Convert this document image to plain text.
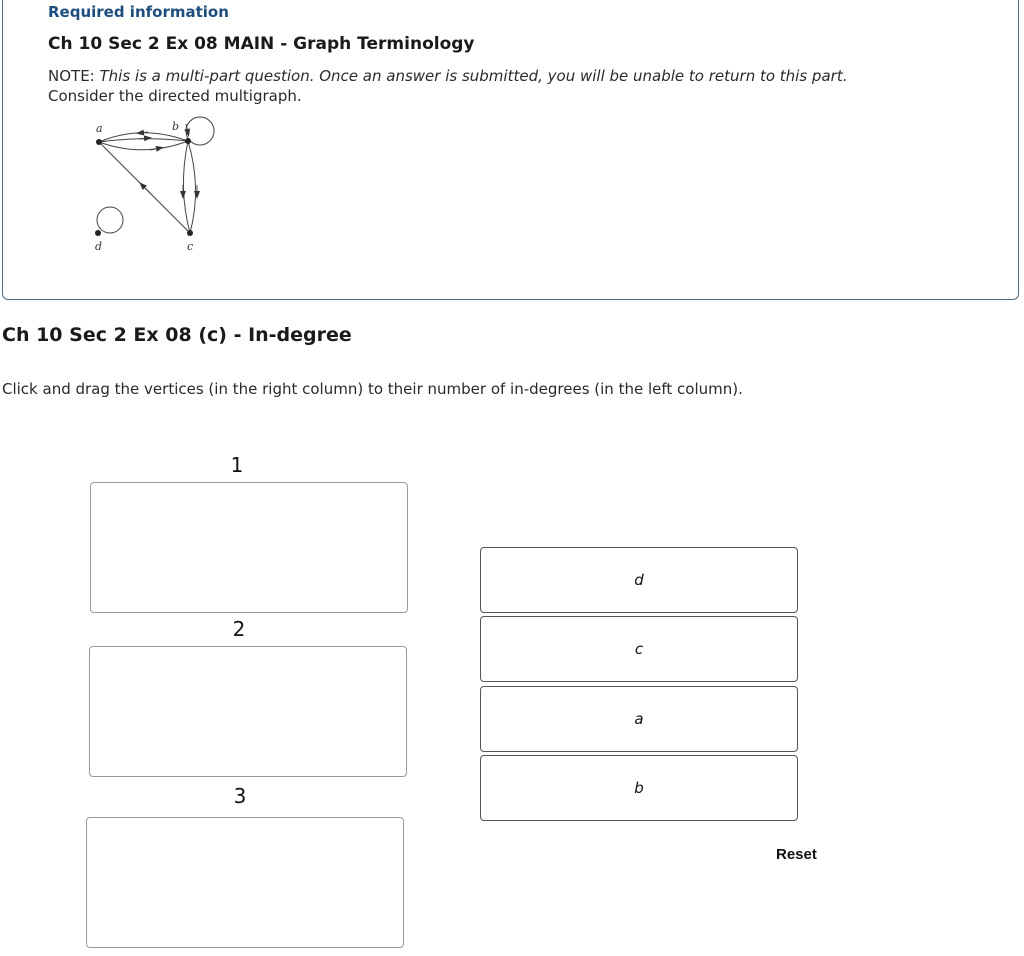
Required information
Ch 10 Sec 2 Ex 08 MAIN - Graph Terminology
NOTE: This is a multi-part question. Once an answer is submitted, you will be unable to return to this part.
Consider the directed multigraph.
a	b
c
d
Ch 10 Sec 2 Ex 08 (c) - In-degree
Click and drag the vertices (in the right column) to their number of in-degrees (in the left column).
1
2
3
d
c
a
b
Reset
